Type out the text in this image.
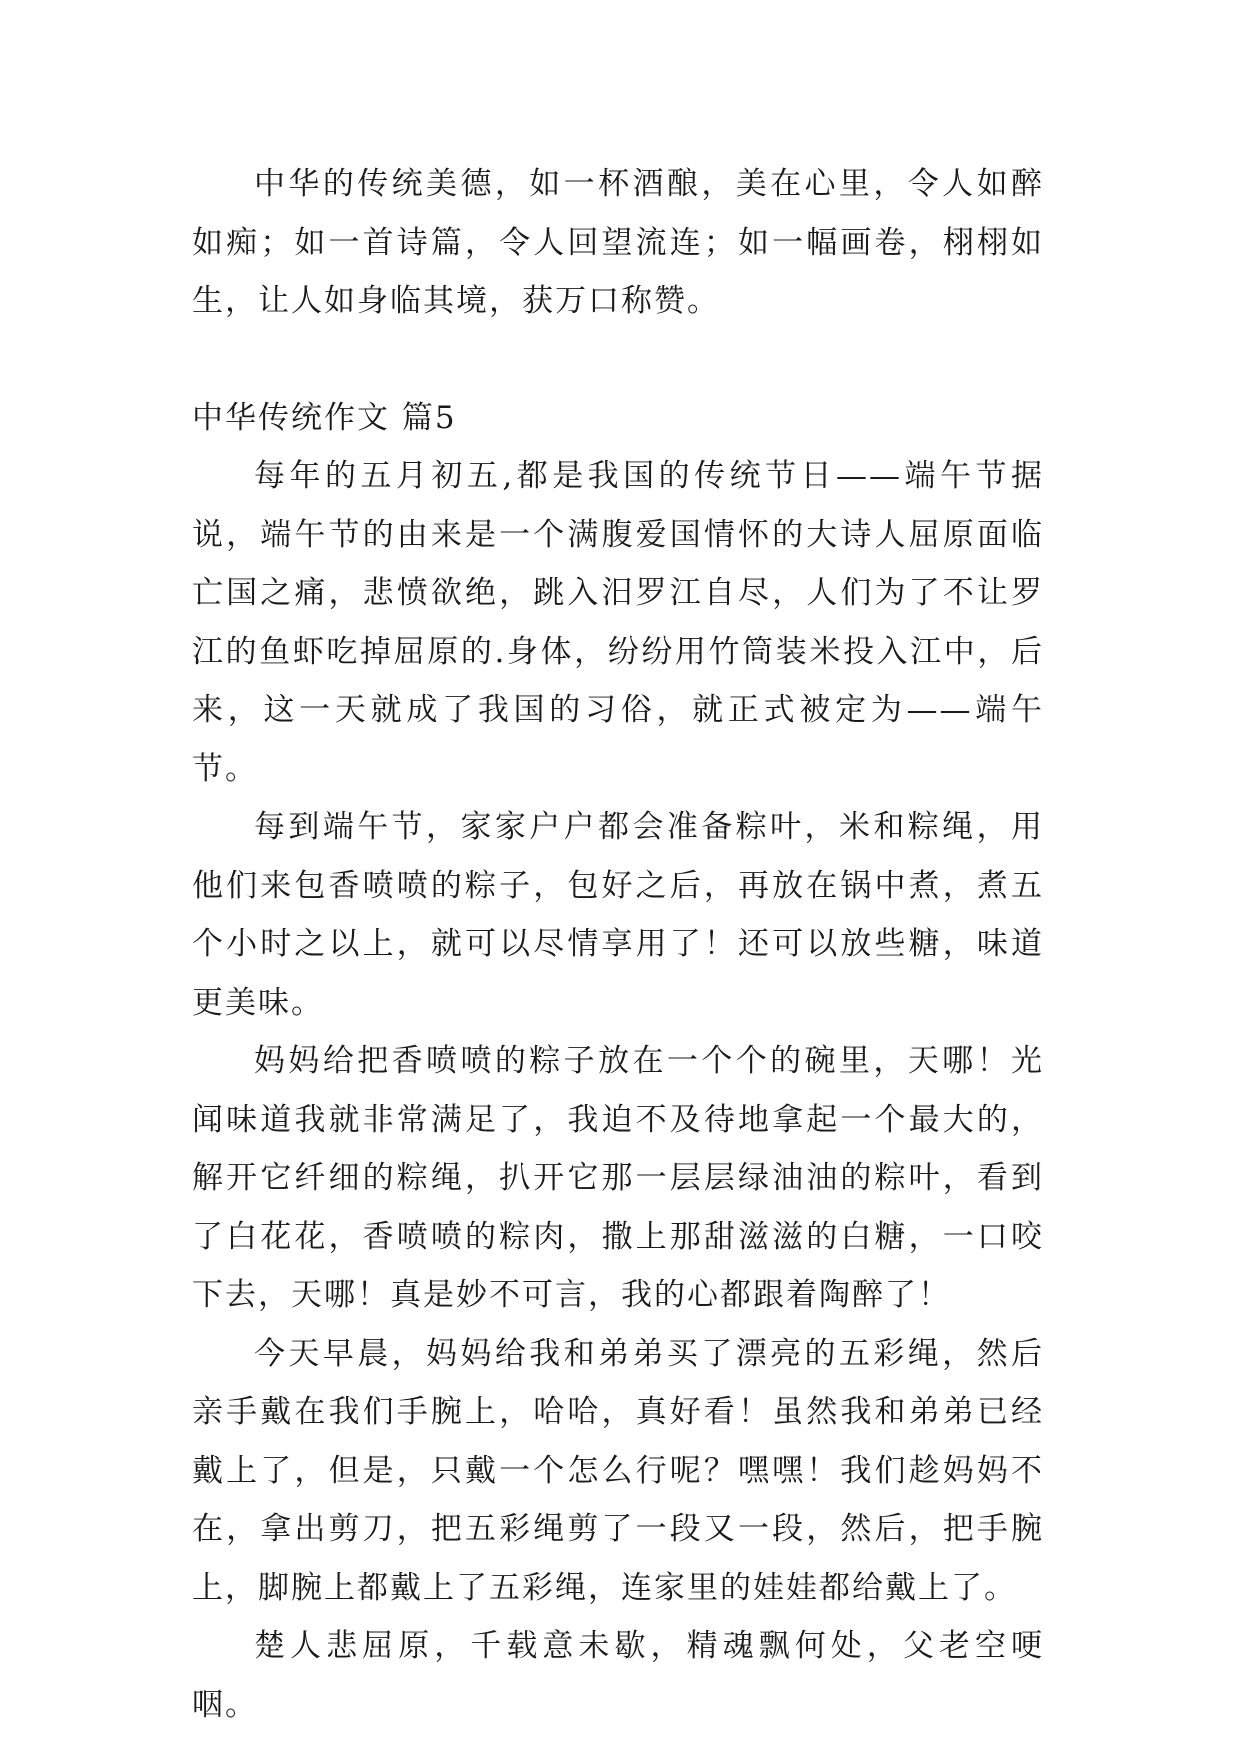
中华的传统美德，如一杯酒酿，美在心里，令人如醉如痴；如一首诗篇，令人回望流连；如一幅画卷，栩栩如生，让人如身临其境，获万口称赞。

中华传统作文 篇5

每年的五月初五,都是我国的传统节日——端午节据说，端午节的由来是一个满腹爱国情怀的大诗人屈原面临亡国之痛，悲愤欲绝，跳入汨罗江自尽，人们为了不让罗江的鱼虾吃掉屈原的.身体，纷纷用竹筒装米投入江中，后来，这一天就成了我国的习俗，就正式被定为——端午节。

每到端午节，家家户户都会准备粽叶，米和粽绳，用他们来包香喷喷的粽子，包好之后，再放在锅中煮，煮五个小时之以上，就可以尽情享用了！还可以放些糖，味道更美味。

妈妈给把香喷喷的粽子放在一个个的碗里，天哪！光闻味道我就非常满足了，我迫不及待地拿起一个最大的，解开它纤细的粽绳，扒开它那一层层绿油油的粽叶，看到了白花花，香喷喷的粽肉，撒上那甜滋滋的白糖，一口咬下去，天哪！真是妙不可言，我的心都跟着陶醉了！

今天早晨，妈妈给我和弟弟买了漂亮的五彩绳，然后亲手戴在我们手腕上，哈哈，真好看！虽然我和弟弟已经戴上了，但是，只戴一个怎么行呢？嘿嘿！我们趁妈妈不在，拿出剪刀，把五彩绳剪了一段又一段，然后，把手腕上，脚腕上都戴上了五彩绳，连家里的娃娃都给戴上了。

楚人悲屈原，千载意未歇，精魂飘何处，父老空哽咽。
